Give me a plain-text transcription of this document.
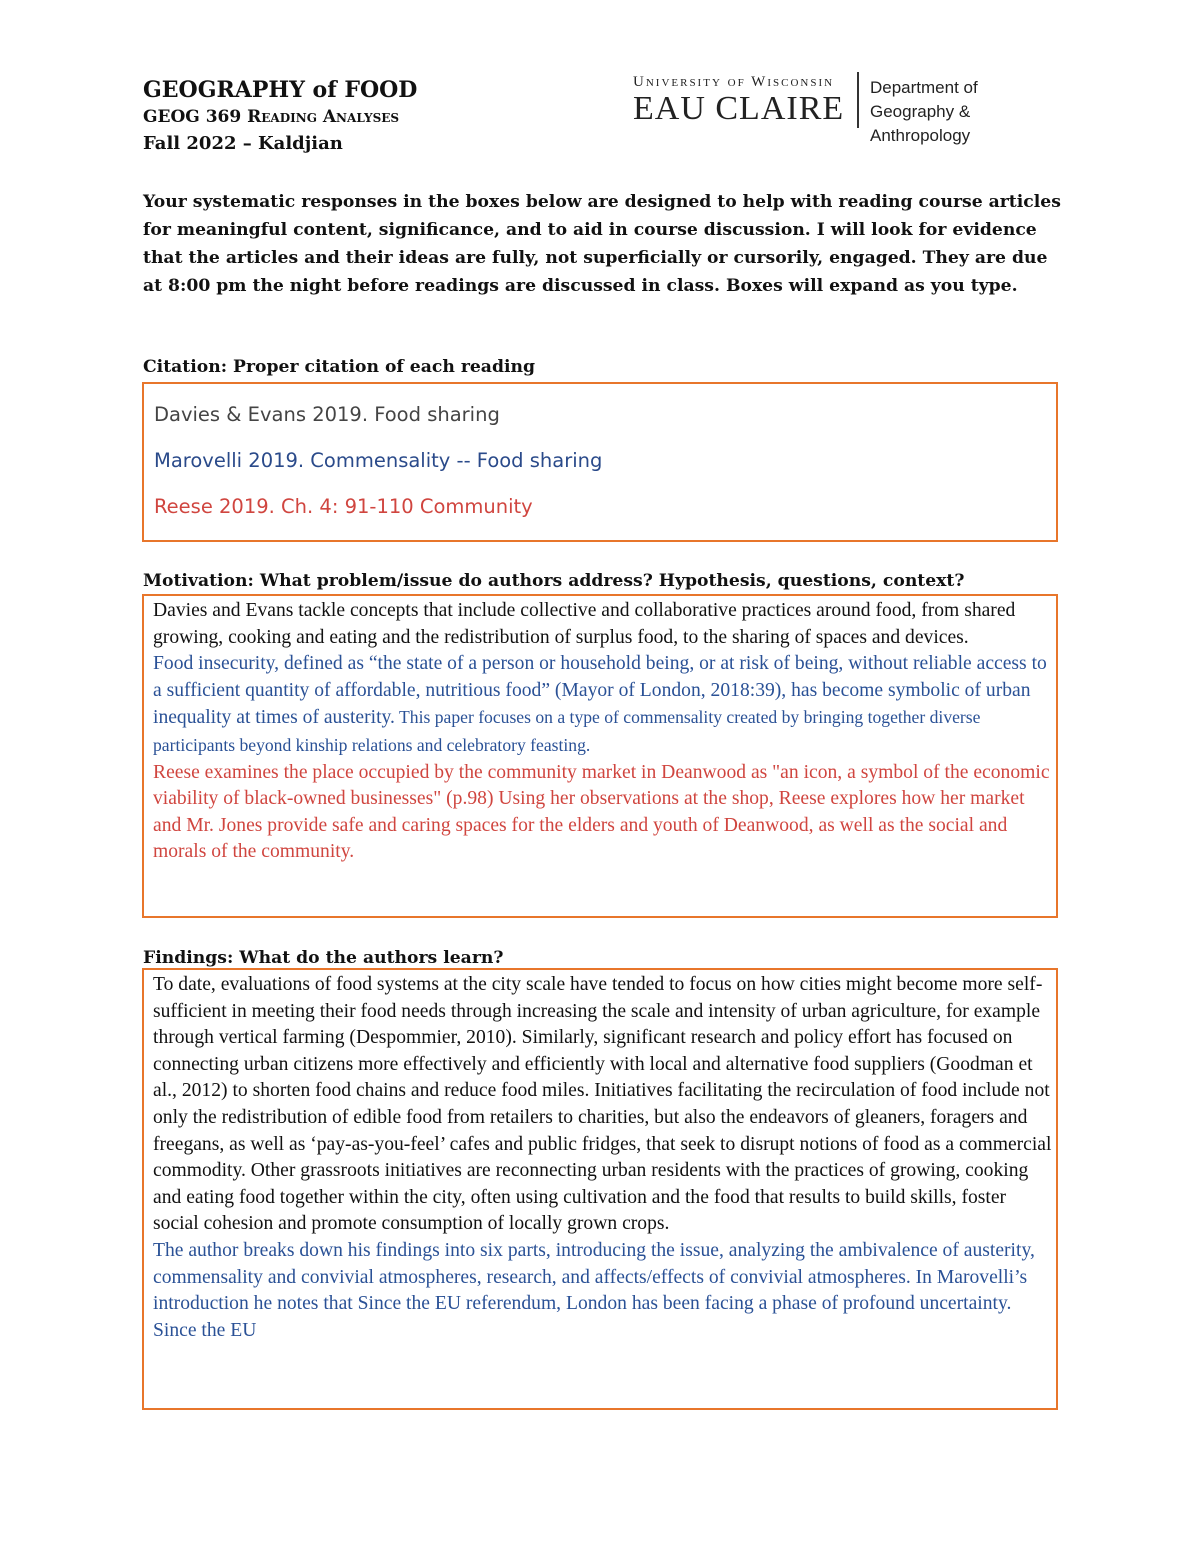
GEOGRAPHY of FOOD

GEOG 369 Reading Analyses

Fall 2022 – Kaldjian

University of Wisconsin
EAU CLAIRE
Department of
Geography & Anthropology

Your systematic responses in the boxes below are designed to help with reading course articles for meaningful content, significance, and to aid in course discussion. I will look for evidence that the articles and their ideas are fully, not superficially or cursorily, engaged. They are due at 8:00 pm the night before readings are discussed in class. Boxes will expand as you type.

Citation: Proper citation of each reading

Davies & Evans 2019. Food sharing

Marovelli 2019. Commensality -- Food sharing

Reese 2019. Ch. 4: 91-110 Community

Motivation: What problem/issue do authors address? Hypothesis, questions, context?

Davies and Evans tackle concepts that include collective and collaborative practices around food, from shared growing, cooking and eating and the redistribution of surplus food, to the sharing of spaces and devices.

Food insecurity, defined as “the state of a person or household being, or at risk of being, without reliable access to a sufficient quantity of affordable, nutritious food” (Mayor of London, 2018:39), has become symbolic of urban inequality at times of austerity. This paper focuses on a type of commensality created by bringing together diverse participants beyond kinship relations and celebratory feasting.

Reese examines the place occupied by the community market in Deanwood as "an icon, a symbol of the economic viability of black-owned businesses" (p.98) Using her observations at the shop, Reese explores how her market and Mr. Jones provide safe and caring spaces for the elders and youth of Deanwood, as well as the social and morals of the community.

Findings: What do the authors learn?

To date, evaluations of food systems at the city scale have tended to focus on how cities might become more self-sufficient in meeting their food needs through increasing the scale and intensity of urban agriculture, for example through vertical farming (Despommier, 2010). Similarly, significant research and policy effort has focused on connecting urban citizens more effectively and efficiently with local and alternative food suppliers (Goodman et al., 2012) to shorten food chains and reduce food miles. Initiatives facilitating the recirculation of food include not only the redistribution of edible food from retailers to charities, but also the endeavors of gleaners, foragers and freegans, as well as ‘pay-as-you-feel’ cafes and public fridges, that seek to disrupt notions of food as a commercial commodity. Other grassroots initiatives are reconnecting urban residents with the practices of growing, cooking and eating food together within the city, often using cultivation and the food that results to build skills, foster social cohesion and promote consumption of locally grown crops.

The author breaks down his findings into six parts, introducing the issue, analyzing the ambivalence of austerity, commensality and convivial atmospheres, research, and affects/effects of convivial atmospheres. In Marovelli’s introduction he notes that Since the EU referendum, London has been facing a phase of profound uncertainty. Since the EU
